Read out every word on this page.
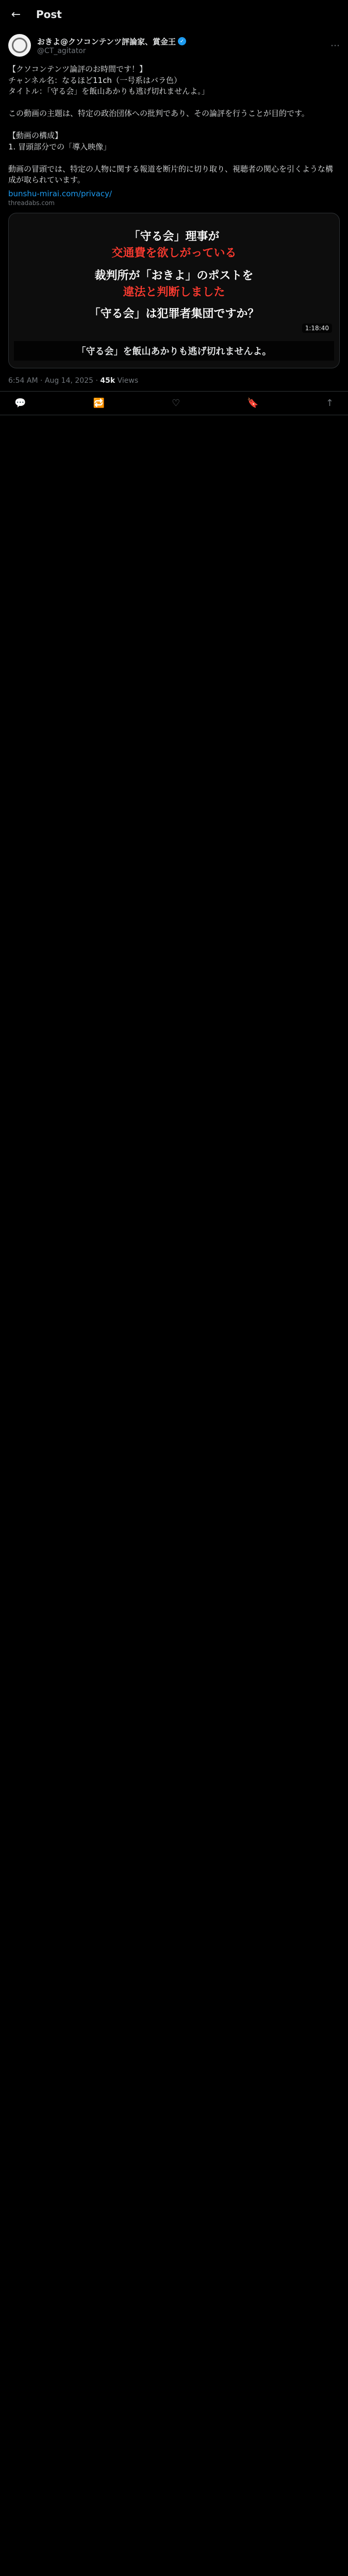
←	Post
おきよ@クソコンテンツ評論家、賞金王 ✓
@CT_agitator	⋯
【クソコンテンツ論評のお時間です！】
チャンネル名：なるほど11ch（一号系はバラ色）
タイトル：「守る会」を飯山あかりも逃げ切れませんよ。」

この動画の主題は、特定の政治団体への批判であり、その論評を行うことが目的です。

【動画の構成】
1. 冒頭部分での「導入映像」

動画の冒頭では、特定の人物に関する報道を断片的に切り取り、視聴者の関心を引くような構成が取られています。
bunshu-mirai.com/privacy/
threadabs.com
「守る会」理事が
交通費を欲しがっている
裁判所が「おきよ」のポストを
違法と判断しました
「守る会」は犯罪者集団ですか？
1:18:40
「守る会」を飯山あかりも逃げ切れませんよ。
6:54 AM · Aug 14, 2025 · 45k Views
💬	🔁	♡	🔖	↑
